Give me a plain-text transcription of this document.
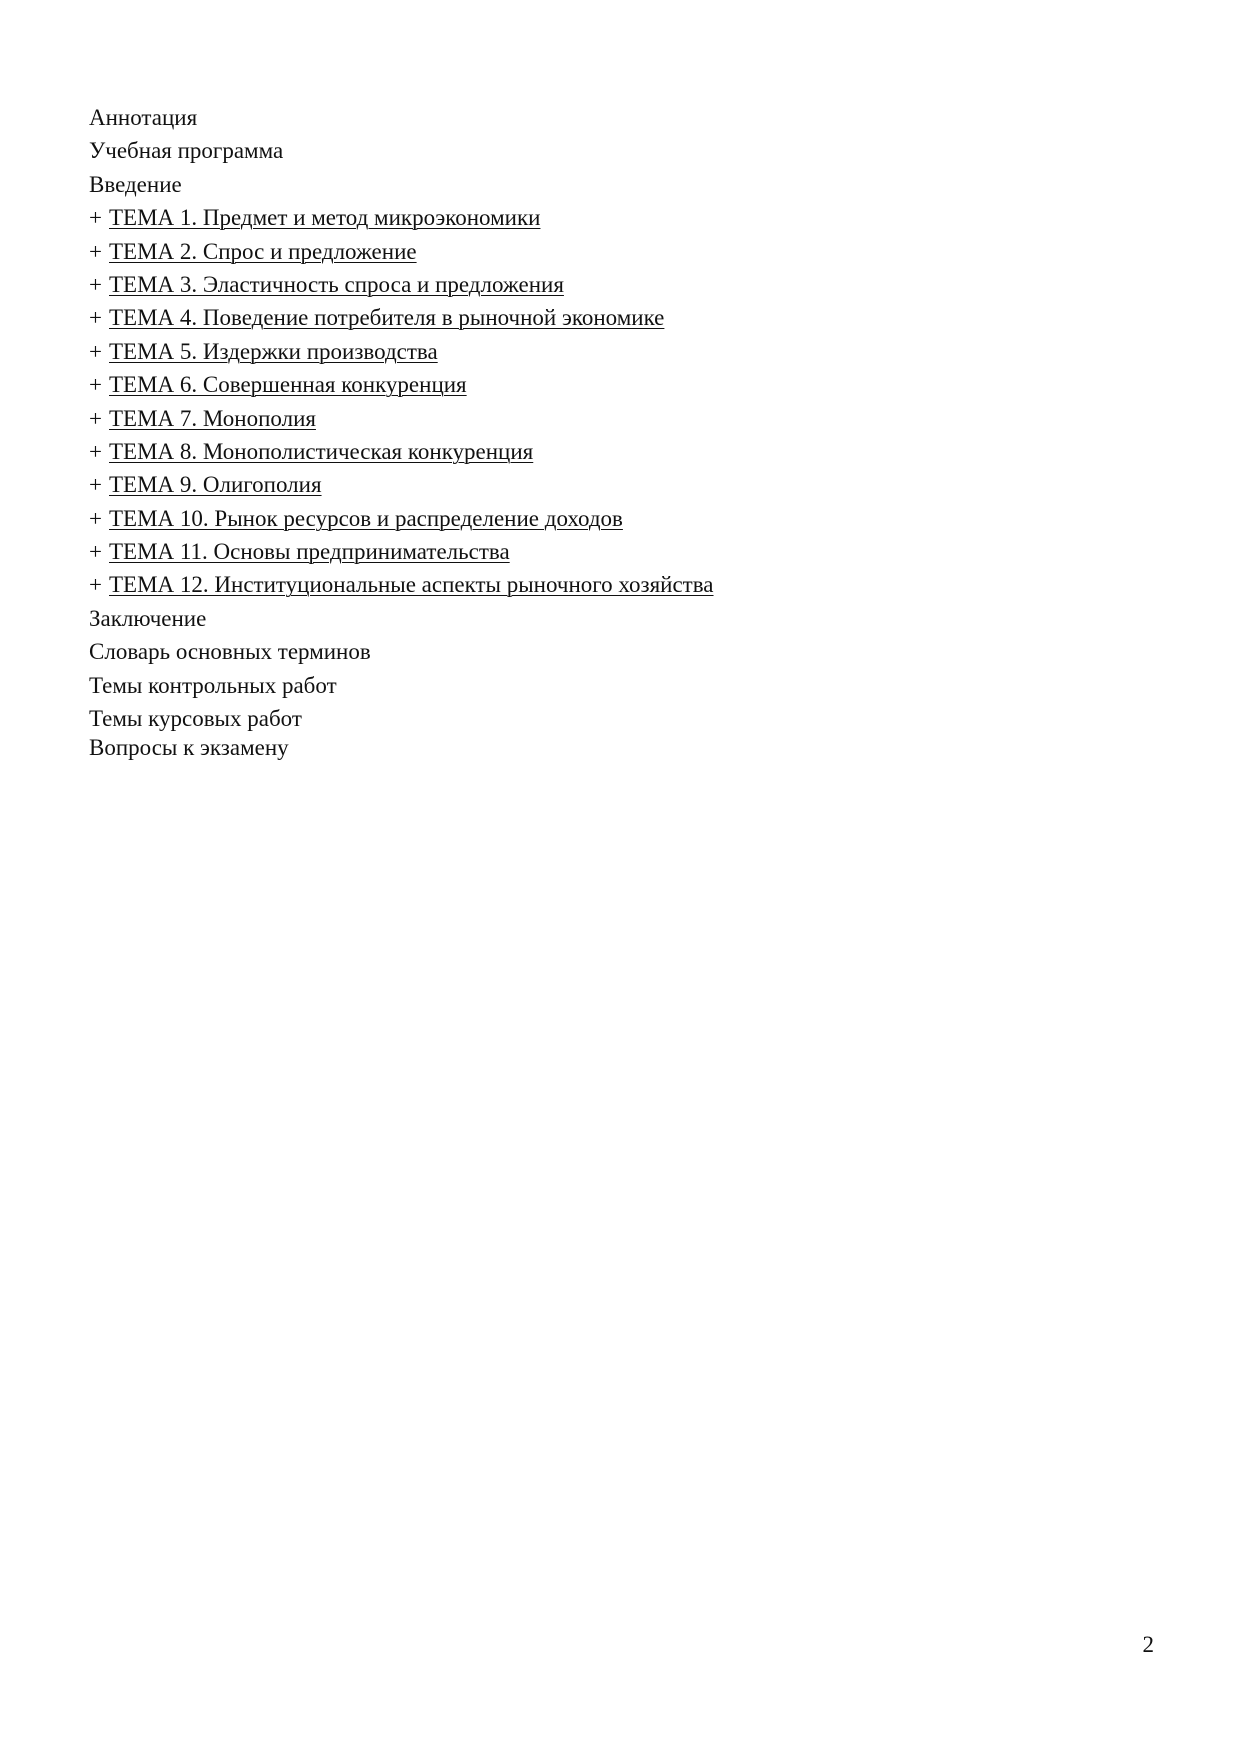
Аннотация
Учебная программа
Введение
+ ТЕМА 1. Предмет и метод микроэкономики
+ ТЕМА 2. Спрос и предложение
+ ТЕМА 3. Эластичность спроса и предложения
+ ТЕМА 4. Поведение потребителя в рыночной экономике
+ ТЕМА 5. Издержки производства
+ ТЕМА 6. Совершенная конкуренция
+ ТЕМА 7. Монополия
+ ТЕМА 8. Монополистическая конкуренция
+ ТЕМА 9. Олигополия
+ ТЕМА 10. Рынок ресурсов и распределение доходов
+ ТЕМА 11. Основы предпринимательства
+ ТЕМА 12. Институциональные аспекты рыночного хозяйства
Заключение
Словарь основных терминов
Темы контрольных работ
Темы курсовых работ
Вопросы к экзамену
2
